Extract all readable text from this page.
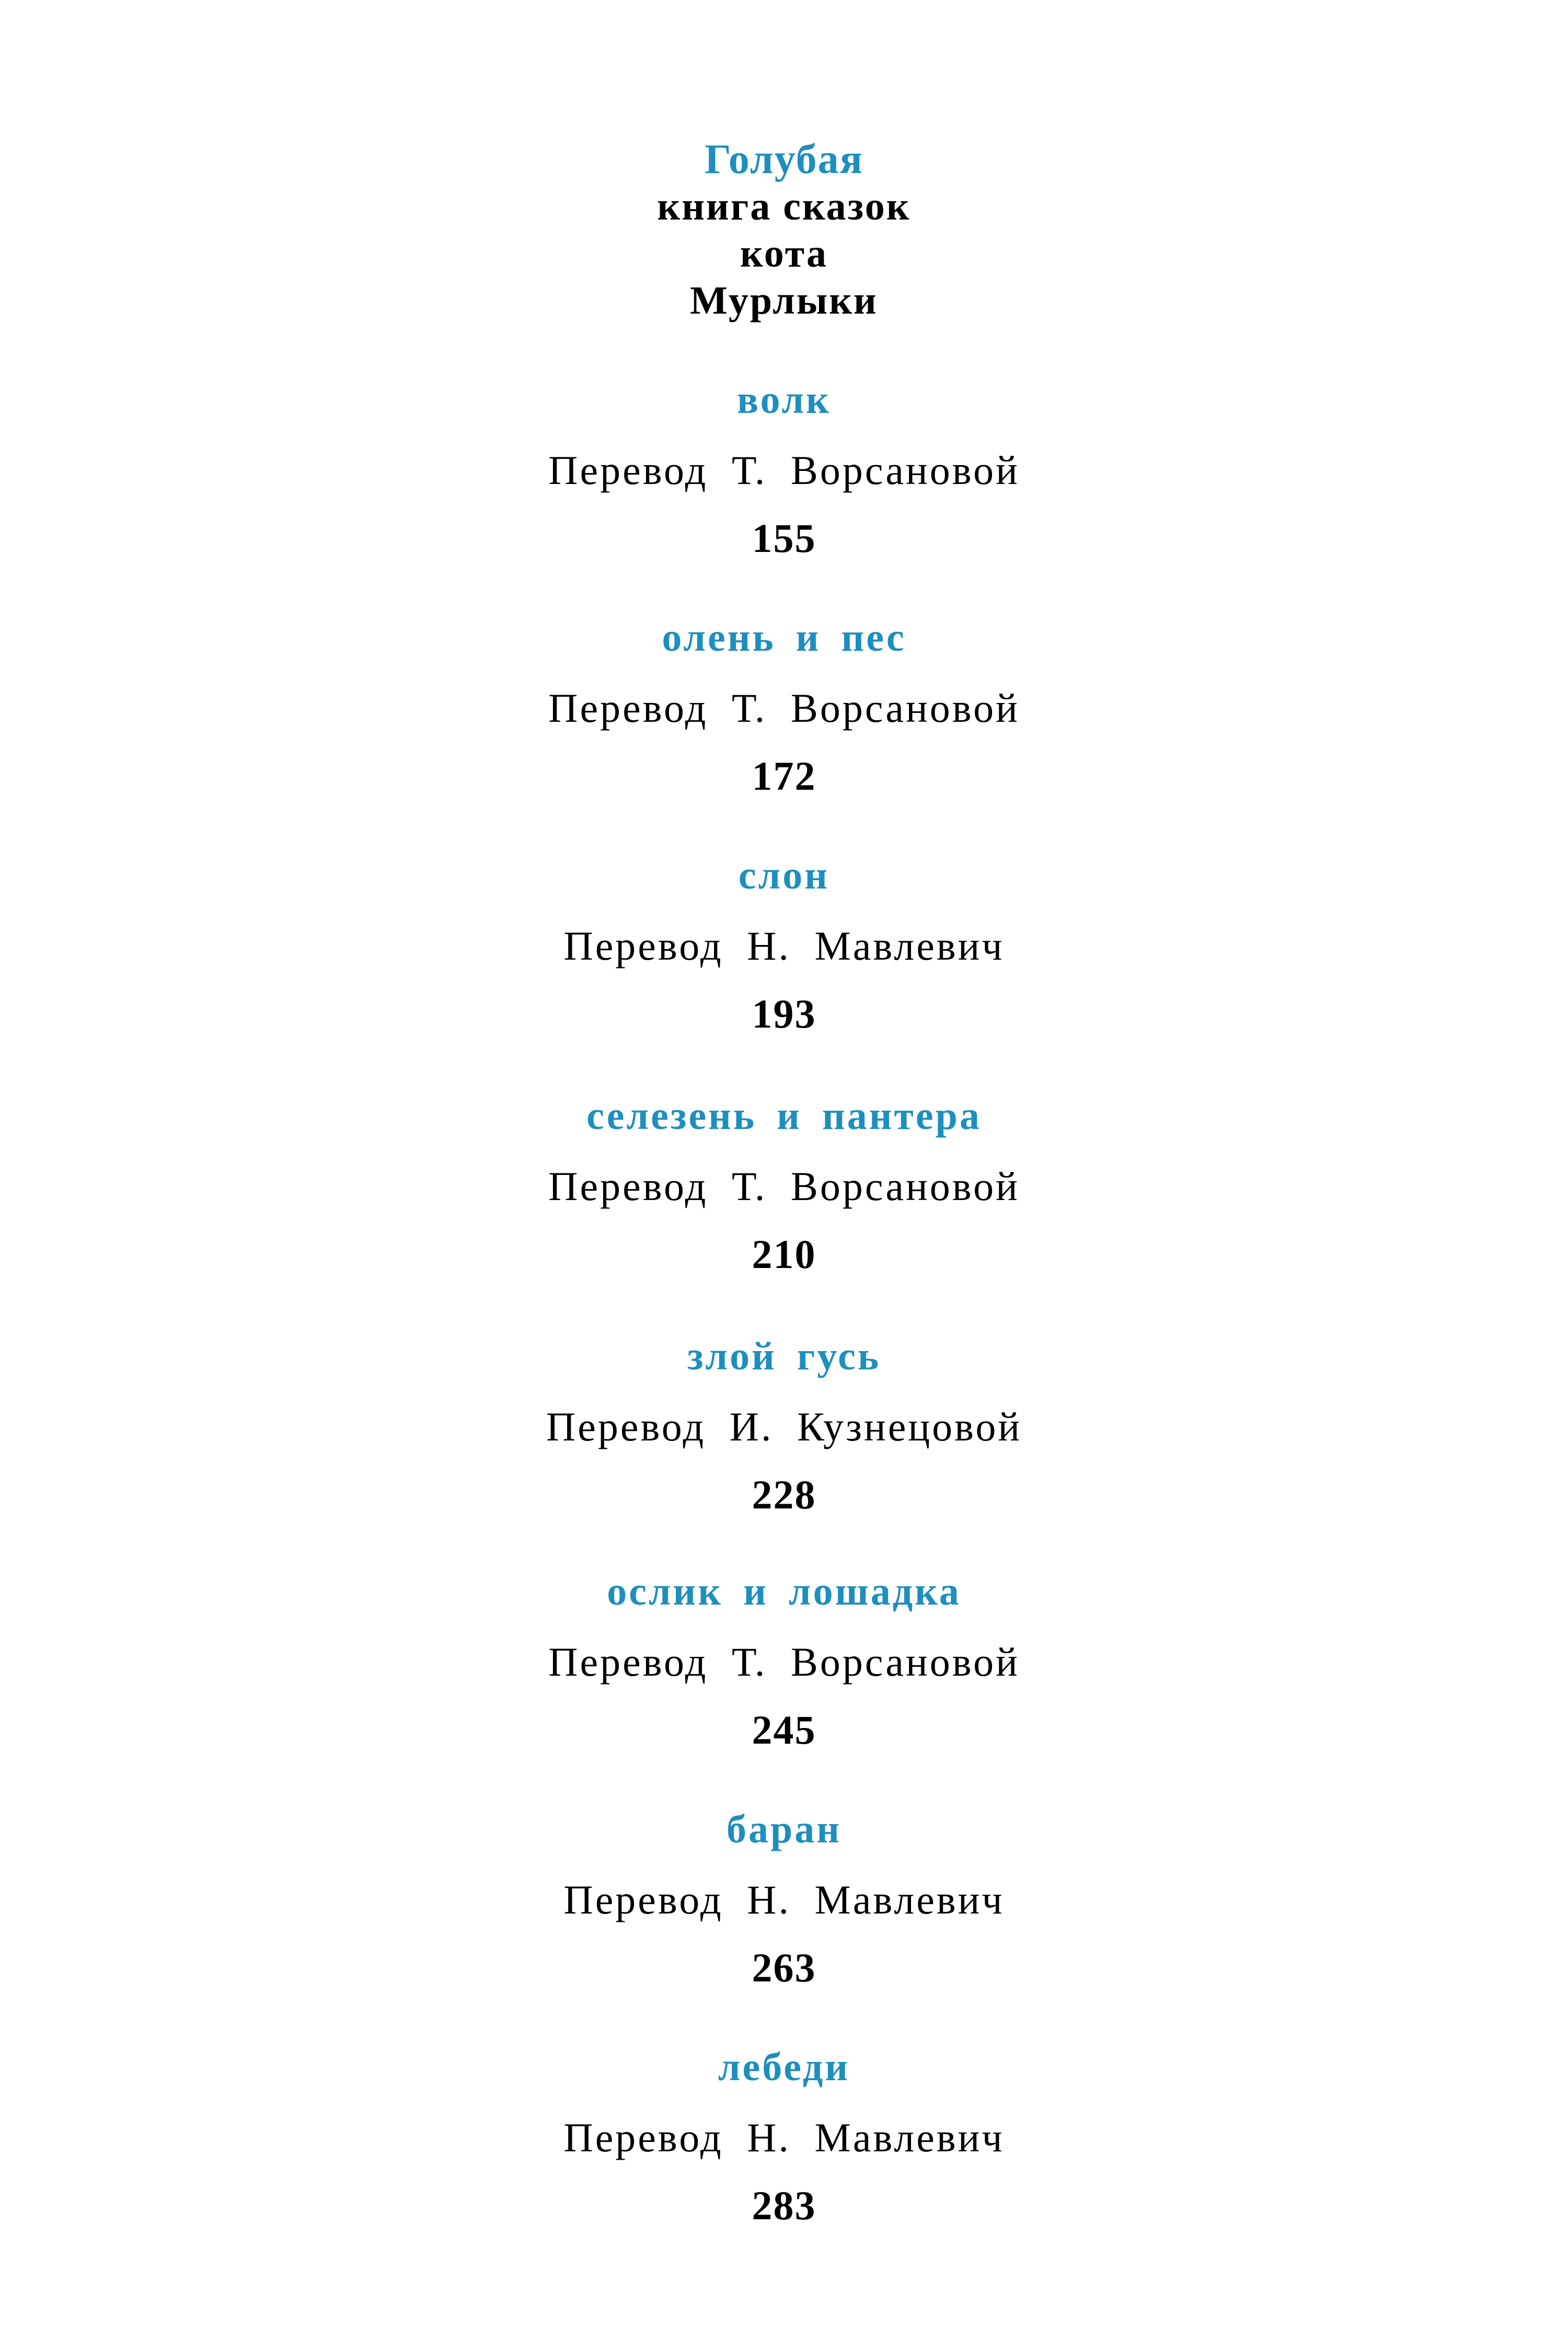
Голубая
книга сказок
кота
Мурлыки
волк
Перевод Т. Ворсановой
155
олень и пес
Перевод Т. Ворсановой
172
слон
Перевод Н. Мавлевич
193
селезень и пантера
Перевод Т. Ворсановой
210
злой гусь
Перевод И. Кузнецовой
228
ослик и лошадка
Перевод Т. Ворсановой
245
баран
Перевод Н. Мавлевич
263
лебеди
Перевод Н. Мавлевич
283
